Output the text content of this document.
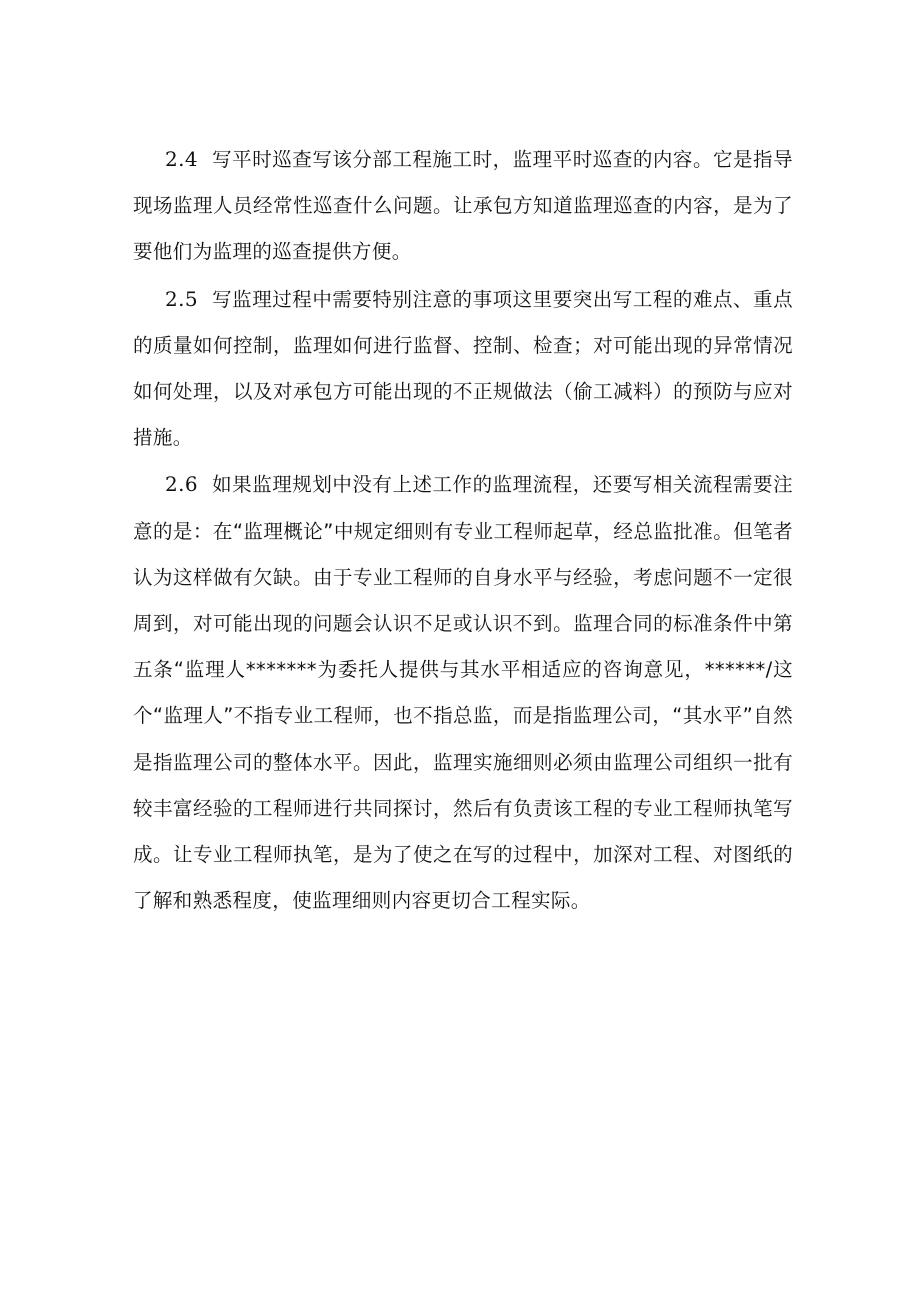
2.4 写平时巡查写该分部工程施工时，监理平时巡查的内容。它是指导现场监理人员经常性巡查什么问题。让承包方知道监理巡查的内容，是为了要他们为监理的巡查提供方便。

2.5 写监理过程中需要特别注意的事项这里要突出写工程的难点、重点的质量如何控制，监理如何进行监督、控制、检查；对可能出现的异常情况如何处理，以及对承包方可能出现的不正规做法（偷工减料）的预防与应对措施。

2.6 如果监理规划中没有上述工作的监理流程，还要写相关流程需要注意的是：在“监理概论”中规定细则有专业工程师起草，经总监批准。但笔者认为这样做有欠缺。由于专业工程师的自身水平与经验，考虑问题不一定很周到，对可能出现的问题会认识不足或认识不到。监理合同的标准条件中第五条“监理人*******为委托人提供与其水平相适应的咨询意见，******/这个“监理人”不指专业工程师，也不指总监，而是指监理公司，“其水平”自然是指监理公司的整体水平。因此，监理实施细则必须由监理公司组织一批有较丰富经验的工程师进行共同探讨，然后有负责该工程的专业工程师执笔写成。让专业工程师执笔，是为了使之在写的过程中，加深对工程、对图纸的了解和熟悉程度，使监理细则内容更切合工程实际。
